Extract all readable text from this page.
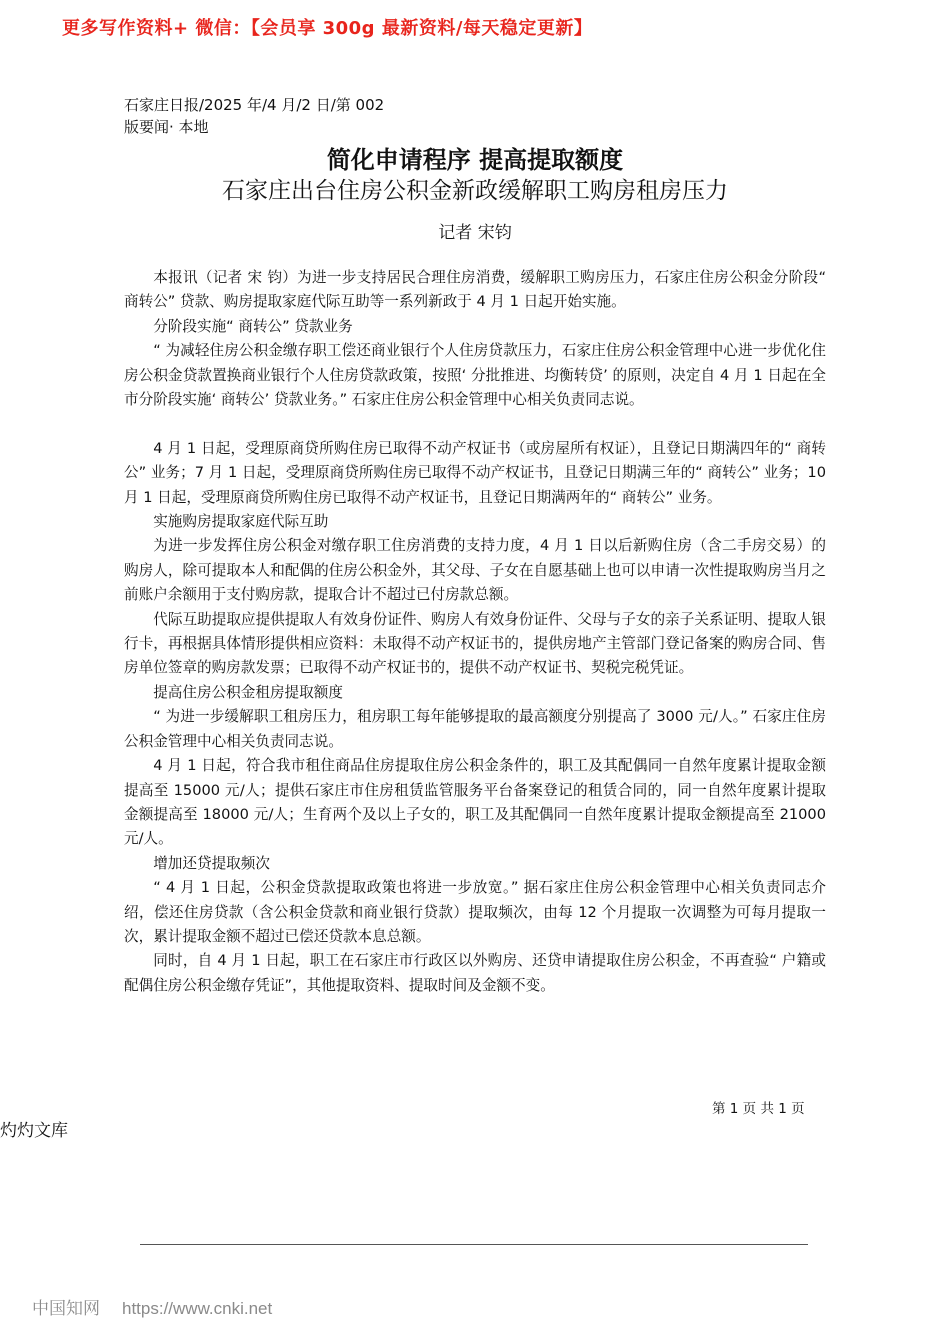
更多写作资料+ 微信：【会员享 300g 最新资料/每天稳定更新】
石家庄日报/2025 年/4 月/2 日/第 002
版要闻· 本地
简化申请程序 提高提取额度
石家庄出台住房公积金新政缓解职工购房租房压力
记者 宋钧

本报讯（记者 宋 钧）为进一步支持居民合理住房消费，缓解职工购房压力，石家庄住房公积金分阶段“ 商转公” 贷款、购房提取家庭代际互助等一系列新政于 4 月 1 日起开始实施。

分阶段实施“ 商转公” 贷款业务

“ 为减轻住房公积金缴存职工偿还商业银行个人住房贷款压力，石家庄住房公积金管理中心进一步优化住房公积金贷款置换商业银行个人住房贷款政策，按照‘ 分批推进、均衡转贷’ 的原则，决定自 4 月 1 日起在全市分阶段实施‘ 商转公’ 贷款业务。” 石家庄住房公积金管理中心相关负责同志说。

4 月 1 日起，受理原商贷所购住房已取得不动产权证书（或房屋所有权证），且登记日期满四年的“ 商转公” 业务；7 月 1 日起，受理原商贷所购住房已取得不动产权证书，且登记日期满三年的“ 商转公” 业务；10 月 1 日起，受理原商贷所购住房已取得不动产权证书，且登记日期满两年的“ 商转公” 业务。

实施购房提取家庭代际互助

为进一步发挥住房公积金对缴存职工住房消费的支持力度，4 月 1 日以后新购住房（含二手房交易）的购房人，除可提取本人和配偶的住房公积金外，其父母、子女在自愿基础上也可以申请一次性提取购房当月之前账户余额用于支付购房款，提取合计不超过已付房款总额。

代际互助提取应提供提取人有效身份证件、购房人有效身份证件、父母与子女的亲子关系证明、提取人银行卡，再根据具体情形提供相应资料：未取得不动产权证书的，提供房地产主管部门登记备案的购房合同、售房单位签章的购房款发票；已取得不动产权证书的，提供不动产权证书、契税完税凭证。

提高住房公积金租房提取额度

“ 为进一步缓解职工租房压力，租房职工每年能够提取的最高额度分别提高了 3000 元/人。” 石家庄住房公积金管理中心相关负责同志说。

4 月 1 日起，符合我市租住商品住房提取住房公积金条件的，职工及其配偶同一自然年度累计提取金额提高至 15000 元/人；提供石家庄市住房租赁监管服务平台备案登记的租赁合同的，同一自然年度累计提取金额提高至 18000 元/人；生育两个及以上子女的，职工及其配偶同一自然年度累计提取金额提高至 21000 元/人。

增加还贷提取频次

“ 4 月 1 日起，公积金贷款提取政策也将进一步放宽。” 据石家庄住房公积金管理中心相关负责同志介绍，偿还住房贷款（含公积金贷款和商业银行贷款）提取频次，由每 12 个月提取一次调整为可每月提取一次，累计提取金额不超过已偿还贷款本息总额。

同时，自 4 月 1 日起，职工在石家庄市行政区以外购房、还贷申请提取住房公积金，不再查验“ 户籍或配偶住房公积金缴存凭证”，其他提取资料、提取时间及金额不变。

第 1 页 共 1 页
灼灼文库
中国知网 https://www.cnki.net
